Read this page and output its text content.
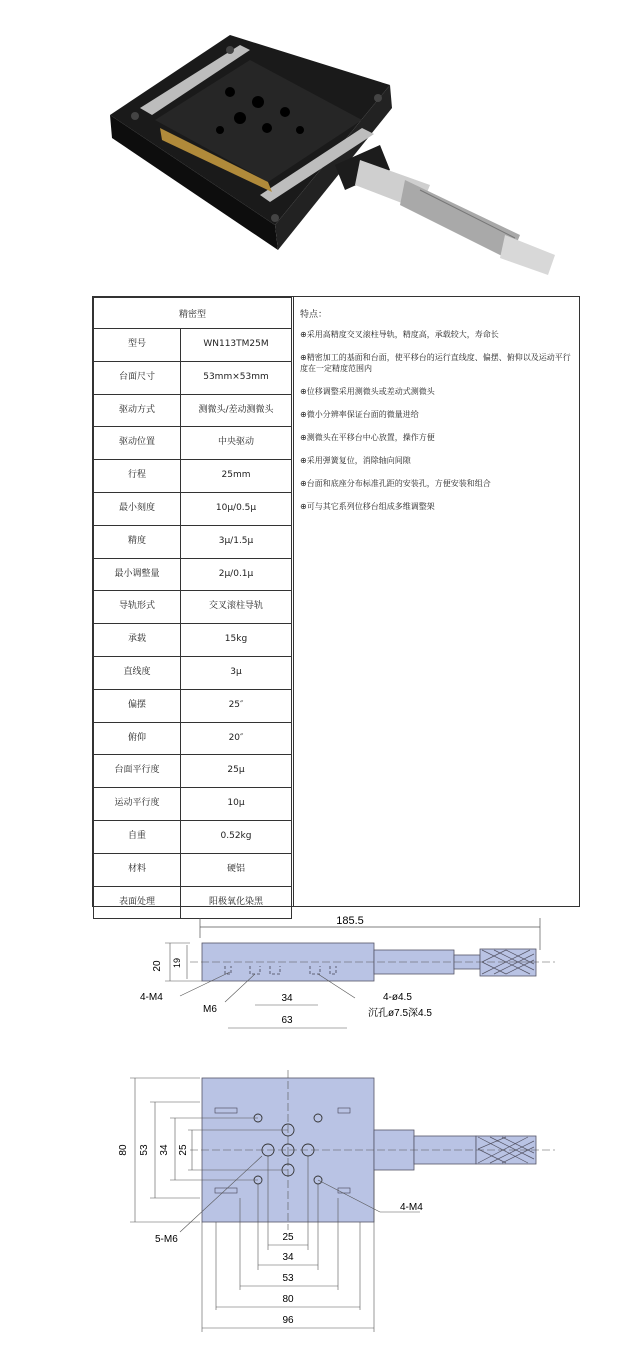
精密型	
型号	WN113TM25M
台面尺寸	53mm×53mm
驱动方式	测微头/差动测微头
驱动位置	中央驱动
行程	25mm
最小刻度	10μ/0.5μ
精度	3μ/1.5μ
最小调整量	2μ/0.1μ
导轨形式	交叉滚柱导轨
承载	15kg
直线度	3μ
偏摆	25″
俯仰	20″
台面平行度	25μ
运动平行度	10μ
自重	0.52kg
材料	硬铝
表面处理	阳极氧化染黑
特点：
⊕采用高精度交叉滚柱导轨，精度高，承载较大，寿命长
⊕精密加工的基面和台面，使平移台的运行直线度、偏摆、俯仰以及运动平行度在一定精度范围内
⊕位移调整采用测微头或差动式测微头
⊕微小分辨率保证台面的微量进给
⊕测微头在平移台中心放置，操作方便
⊕采用弹簧复位，消除轴向间隙
⊕台面和底座分布标准孔距的安装孔，方便安装和组合
⊕可与其它系列位移台组成多维调整架
185.5
20 19
4-M4
M6
4-ø4.5
沉孔ø7.5深4.5
34
63
80 53 34 25
4-M4
5-M6	25
34
53
80
96
